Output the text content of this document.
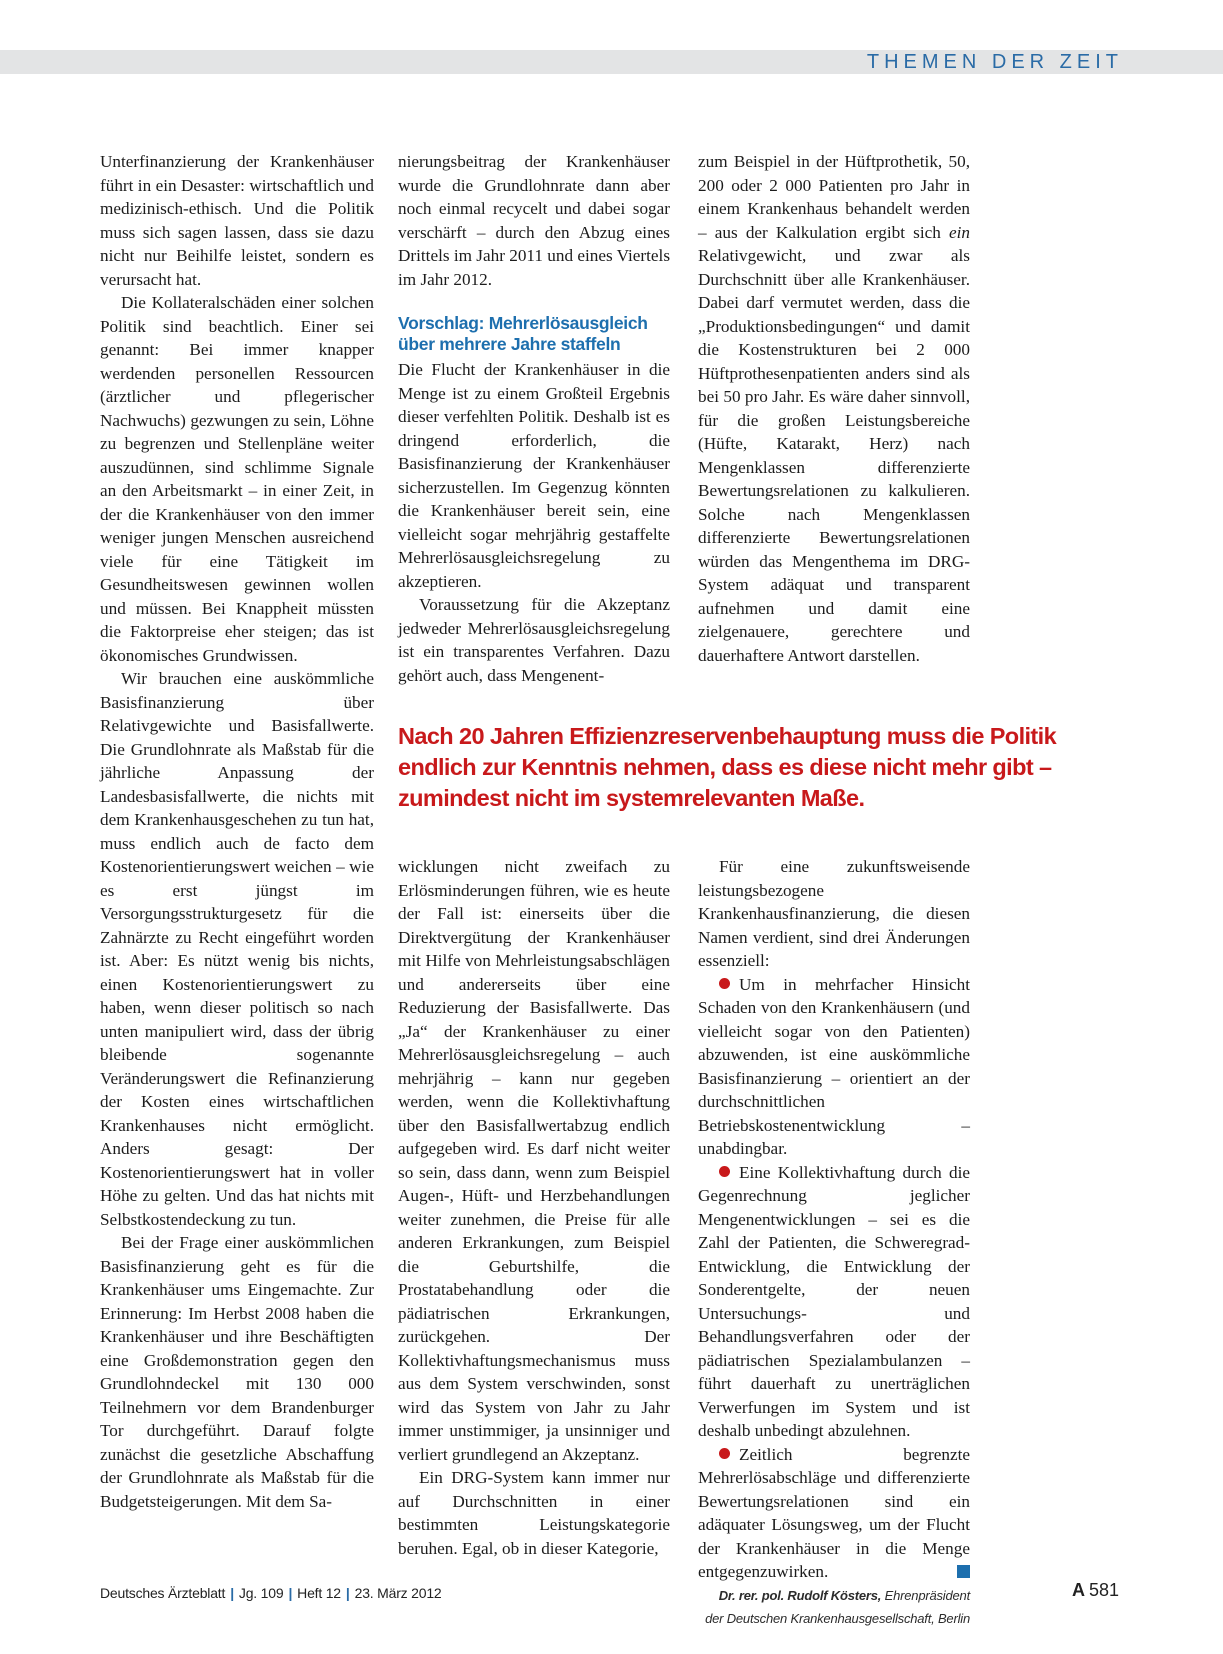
THEMEN DER ZEIT

Unterfinanzierung der Krankenhäuser führt in ein Desaster: wirtschaftlich und medizinisch-ethisch. Und die Politik muss sich sagen lassen, dass sie dazu nicht nur Beihilfe leistet, sondern es verursacht hat.

Die Kollateralschäden einer solchen Politik sind beachtlich. Einer sei genannt: Bei immer knapper werdenden personellen Ressourcen (ärztlicher und pflegerischer Nachwuchs) gezwungen zu sein, Löhne zu begrenzen und Stellenpläne weiter auszudünnen, sind schlimme Signale an den Arbeitsmarkt – in einer Zeit, in der die Krankenhäuser von den immer weniger jungen Menschen ausreichend viele für eine Tätigkeit im Gesundheitswesen gewinnen wollen und müssen. Bei Knappheit müssten die Faktorpreise eher steigen; das ist ökonomisches Grundwissen.

Wir brauchen eine auskömmliche Basisfinanzierung über Relativgewichte und Basisfallwerte. Die Grundlohnrate als Maßstab für die jährliche Anpassung der Landesbasisfallwerte, die nichts mit dem Krankenhausgeschehen zu tun hat, muss endlich auch de facto dem Kostenorientierungswert weichen – wie es erst jüngst im Versorgungsstrukturgesetz für die Zahnärzte zu Recht eingeführt worden ist. Aber: Es nützt wenig bis nichts, einen Kostenorientierungswert zu haben, wenn dieser politisch so nach unten manipuliert wird, dass der übrig bleibende sogenannte Veränderungswert die Refinanzierung der Kosten eines wirtschaftlichen Krankenhauses nicht ermöglicht. Anders gesagt: Der Kostenorientierungswert hat in voller Höhe zu gelten. Und das hat nichts mit Selbstkostendeckung zu tun.

Bei der Frage einer auskömmlichen Basisfinanzierung geht es für die Krankenhäuser ums Eingemachte. Zur Erinnerung: Im Herbst 2008 haben die Krankenhäuser und ihre Beschäftigten eine Großdemonstration gegen den Grundlohndeckel mit 130 000 Teilnehmern vor dem Brandenburger Tor durchgeführt. Darauf folgte zunächst die gesetzliche Abschaffung der Grundlohnrate als Maßstab für die Budgetsteigerungen. Mit dem Sa-

nierungsbeitrag der Krankenhäuser wurde die Grundlohnrate dann aber noch einmal recycelt und dabei sogar verschärft – durch den Abzug eines Drittels im Jahr 2011 und eines Viertels im Jahr 2012.

Vorschlag: Mehrerlösausgleich über mehrere Jahre staffeln

Die Flucht der Krankenhäuser in die Menge ist zu einem Großteil Ergebnis dieser verfehlten Politik. Deshalb ist es dringend erforderlich, die Basisfinanzierung der Krankenhäuser sicherzustellen. Im Gegenzug könnten die Krankenhäuser bereit sein, eine vielleicht sogar mehrjährig gestaffelte Mehrerlösausgleichsregelung zu akzeptieren.

Voraussetzung für die Akzeptanz jedweder Mehrerlösausgleichsregelung ist ein transparentes Verfahren. Dazu gehört auch, dass Mengenent-

zum Beispiel in der Hüftprothetik, 50, 200 oder 2 000 Patienten pro Jahr in einem Krankenhaus behandelt werden – aus der Kalkulation ergibt sich ein Relativgewicht, und zwar als Durchschnitt über alle Krankenhäuser. Dabei darf vermutet werden, dass die „Produktionsbedingungen“ und damit die Kostenstrukturen bei 2 000 Hüftprothesenpatienten anders sind als bei 50 pro Jahr. Es wäre daher sinnvoll, für die großen Leistungsbereiche (Hüfte, Katarakt, Herz) nach Mengenklassen differenzierte Bewertungsrelationen zu kalkulieren. Solche nach Mengenklassen differenzierte Bewertungsrelationen würden das Mengenthema im DRG-System adäquat und transparent aufnehmen und damit eine zielgenauere, gerechtere und dauerhaftere Antwort darstellen.

Nach 20 Jahren Effizienzreservenbehauptung muss die Politik endlich zur Kenntnis nehmen, dass es diese nicht mehr gibt – zumindest nicht im systemrelevanten Maße.

wicklungen nicht zweifach zu Erlösminderungen führen, wie es heute der Fall ist: einerseits über die Direktvergütung der Krankenhäuser mit Hilfe von Mehrleistungsabschlägen und andererseits über eine Reduzierung der Basisfallwerte. Das „Ja“ der Krankenhäuser zu einer Mehrerlösausgleichsregelung – auch mehrjährig – kann nur gegeben werden, wenn die Kollektivhaftung über den Basisfallwertabzug endlich aufgegeben wird. Es darf nicht weiter so sein, dass dann, wenn zum Beispiel Augen-, Hüft- und Herzbehandlungen weiter zunehmen, die Preise für alle anderen Erkrankungen, zum Beispiel die Geburtshilfe, die Prostatabehandlung oder die pädiatrischen Erkrankungen, zurückgehen. Der Kollektivhaftungsmechanismus muss aus dem System verschwinden, sonst wird das System von Jahr zu Jahr immer unstimmiger, ja unsinniger und verliert grundlegend an Akzeptanz.

Ein DRG-System kann immer nur auf Durchschnitten in einer bestimmten Leistungskategorie beruhen. Egal, ob in dieser Kategorie,

Für eine zukunftsweisende leistungsbezogene Krankenhausfinanzierung, die diesen Namen verdient, sind drei Änderungen essenziell:

Um in mehrfacher Hinsicht Schaden von den Krankenhäusern (und vielleicht sogar von den Patienten) abzuwenden, ist eine auskömmliche Basisfinanzierung – orientiert an der durchschnittlichen Betriebskostenentwicklung – unabdingbar.

Eine Kollektivhaftung durch die Gegenrechnung jeglicher Mengenentwicklungen – sei es die Zahl der Patienten, die Schweregrad-Entwicklung, die Entwicklung der Sonderentgelte, der neuen Untersuchungs- und Behandlungsverfahren oder der pädiatrischen Spezialambulanzen – führt dauerhaft zu unerträglichen Verwerfungen im System und ist deshalb unbedingt abzulehnen.

Zeitlich begrenzte Mehrerlösabschläge und differenzierte Bewertungsrelationen sind ein adäquater Lösungsweg, um der Flucht der Krankenhäuser in die Menge entgegenzuwirken.

Dr. rer. pol. Rudolf Kösters, Ehrenpräsident
der Deutschen Krankenhausgesellschaft, Berlin
Deutsches Ärzteblatt | Jg. 109 | Heft 12 | 23. März 2012	A 581
